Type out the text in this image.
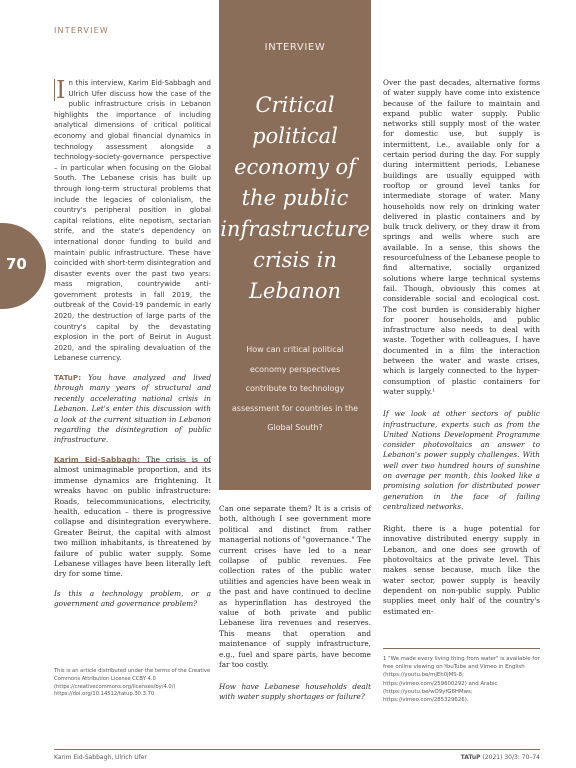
INTERVIEW
70

I n this interview, Karim Eid-Sabbagh and Ulrich Ufer discuss how the case of the public infrastructure crisis in Lebanon highlights the importance of including analytical dimensions of critical political economy and global financial dynamics in technology assessment alongside a technology-society-governance perspective – in particular when focusing on the Global South. The Lebanese crisis has built up through long-term structural problems that include the legacies of colonialism, the country's peripheral position in global capital relations, elite nepotism, sectarian strife, and the state's dependency on international donor funding to build and maintain public infrastructure. These have coincided with short-term disintegration and disaster events over the past two years: mass migration, countrywide anti-government protests in fall 2019, the outbreak of the Covid-19 pandemic in early 2020, the destruction of large parts of the country's capital by the devastating explosion in the port of Beirut in August 2020, and the spiraling devaluation of the Lebanese currency.

TATuP: You have analyzed and lived through many years of structural and recently accelerating national crisis in Lebanon. Let's enter this discussion with a look at the current situation in Lebanon regarding the disintegration of public infrastructure.

Karim Eid-Sabbagh: The crisis is of almost unimaginable proportion, and its immense dynamics are frightening. It wreaks havoc on public infrastructure: Roads, telecommunications, electricity, health, education – there is progressive collapse and disintegration everywhere. Greater Beirut, the capital with almost two million inhabitants, is threatened by failure of public water supply. Some Lebanese villages have been literally left dry for some time.

Is this a technology problem, or a government and governance problem?

This is an article distributed under the terms of the Creative Commons Attribution License CCBY 4.0 (https://creativecommons.org/licenses/by/4.0/) https://doi.org/10.14512/tatup.30.3.70
INTERVIEW
Critical
political
economy of
the public
infrastructure
crisis in
Lebanon
How can critical political economy perspectives contribute to technology assessment for countries in the Global South?

Can one separate them? It is a crisis of both, although I see government more political and distinct from rather managerial notions of "governance." The current crises have led to a near collapse of public revenues. Fee collection rates of the public water utilities and agencies have been weak in the past and have continued to decline as hyperinflation has destroyed the value of both private and public Lebanese lira revenues and reserves. This means that operation and maintenance of supply infrastructure, e.g., fuel and spare parts, have become far too costly.

How have Lebanese households dealt with water supply shortages or failure?

Over the past decades, alternative forms of water supply have come into existence because of the failure to maintain and expand public water supply. Public networks still supply most of the water for domestic use, but supply is intermittent, i.e., available only for a certain period during the day. For supply during intermittent periods, Lebanese buildings are usually equipped with rooftop or ground level tanks for intermediate storage of water. Many households now rely on drinking water delivered in plastic containers and by bulk truck delivery, or they draw it from springs and wells where such are available. In a sense, this shows the resourcefulness of the Lebanese people to find alternative, socially organized solutions where large technical systems fail. Though, obviously this comes at considerable social and ecological cost. The cost burden is considerably higher for poorer households, and public infrastructure also needs to deal with waste. Together with colleagues, I have documented in a film the interaction between the water and waste crises, which is largely connected to the hyper-consumption of plastic containers for water supply.¹

If we look at other sectors of public infrastructure, experts such as from the United Nations Development Programme consider photovoltaics an answer to Lebanon's power supply challenges. With well over two hundred hours of sunshine on average per month, this looked like a promising solution for distributed power generation in the face of failing centralized networks.

Right, there is a huge potential for innovative distributed energy supply in Lebanon, and one does see growth of photovoltaics at the private level. This makes sense because, much like the water sector, power supply is heavily dependent on non-public supply. Public supplies meet only half of the country's estimated en-

1 "We made every living thing from water" is available for free online viewing on YouTube and Vimeo in English (https://youtu.be/mjEh0jMS-8; https://vimeo.com/259600292) and Arabic (https://youtu.be/wO9yfG6HMws; https://vimeo.com/285329626).
Karim Eid-Sabbagh, Ulrich Ufer	TATuP (2021) 30/3: 70–74
